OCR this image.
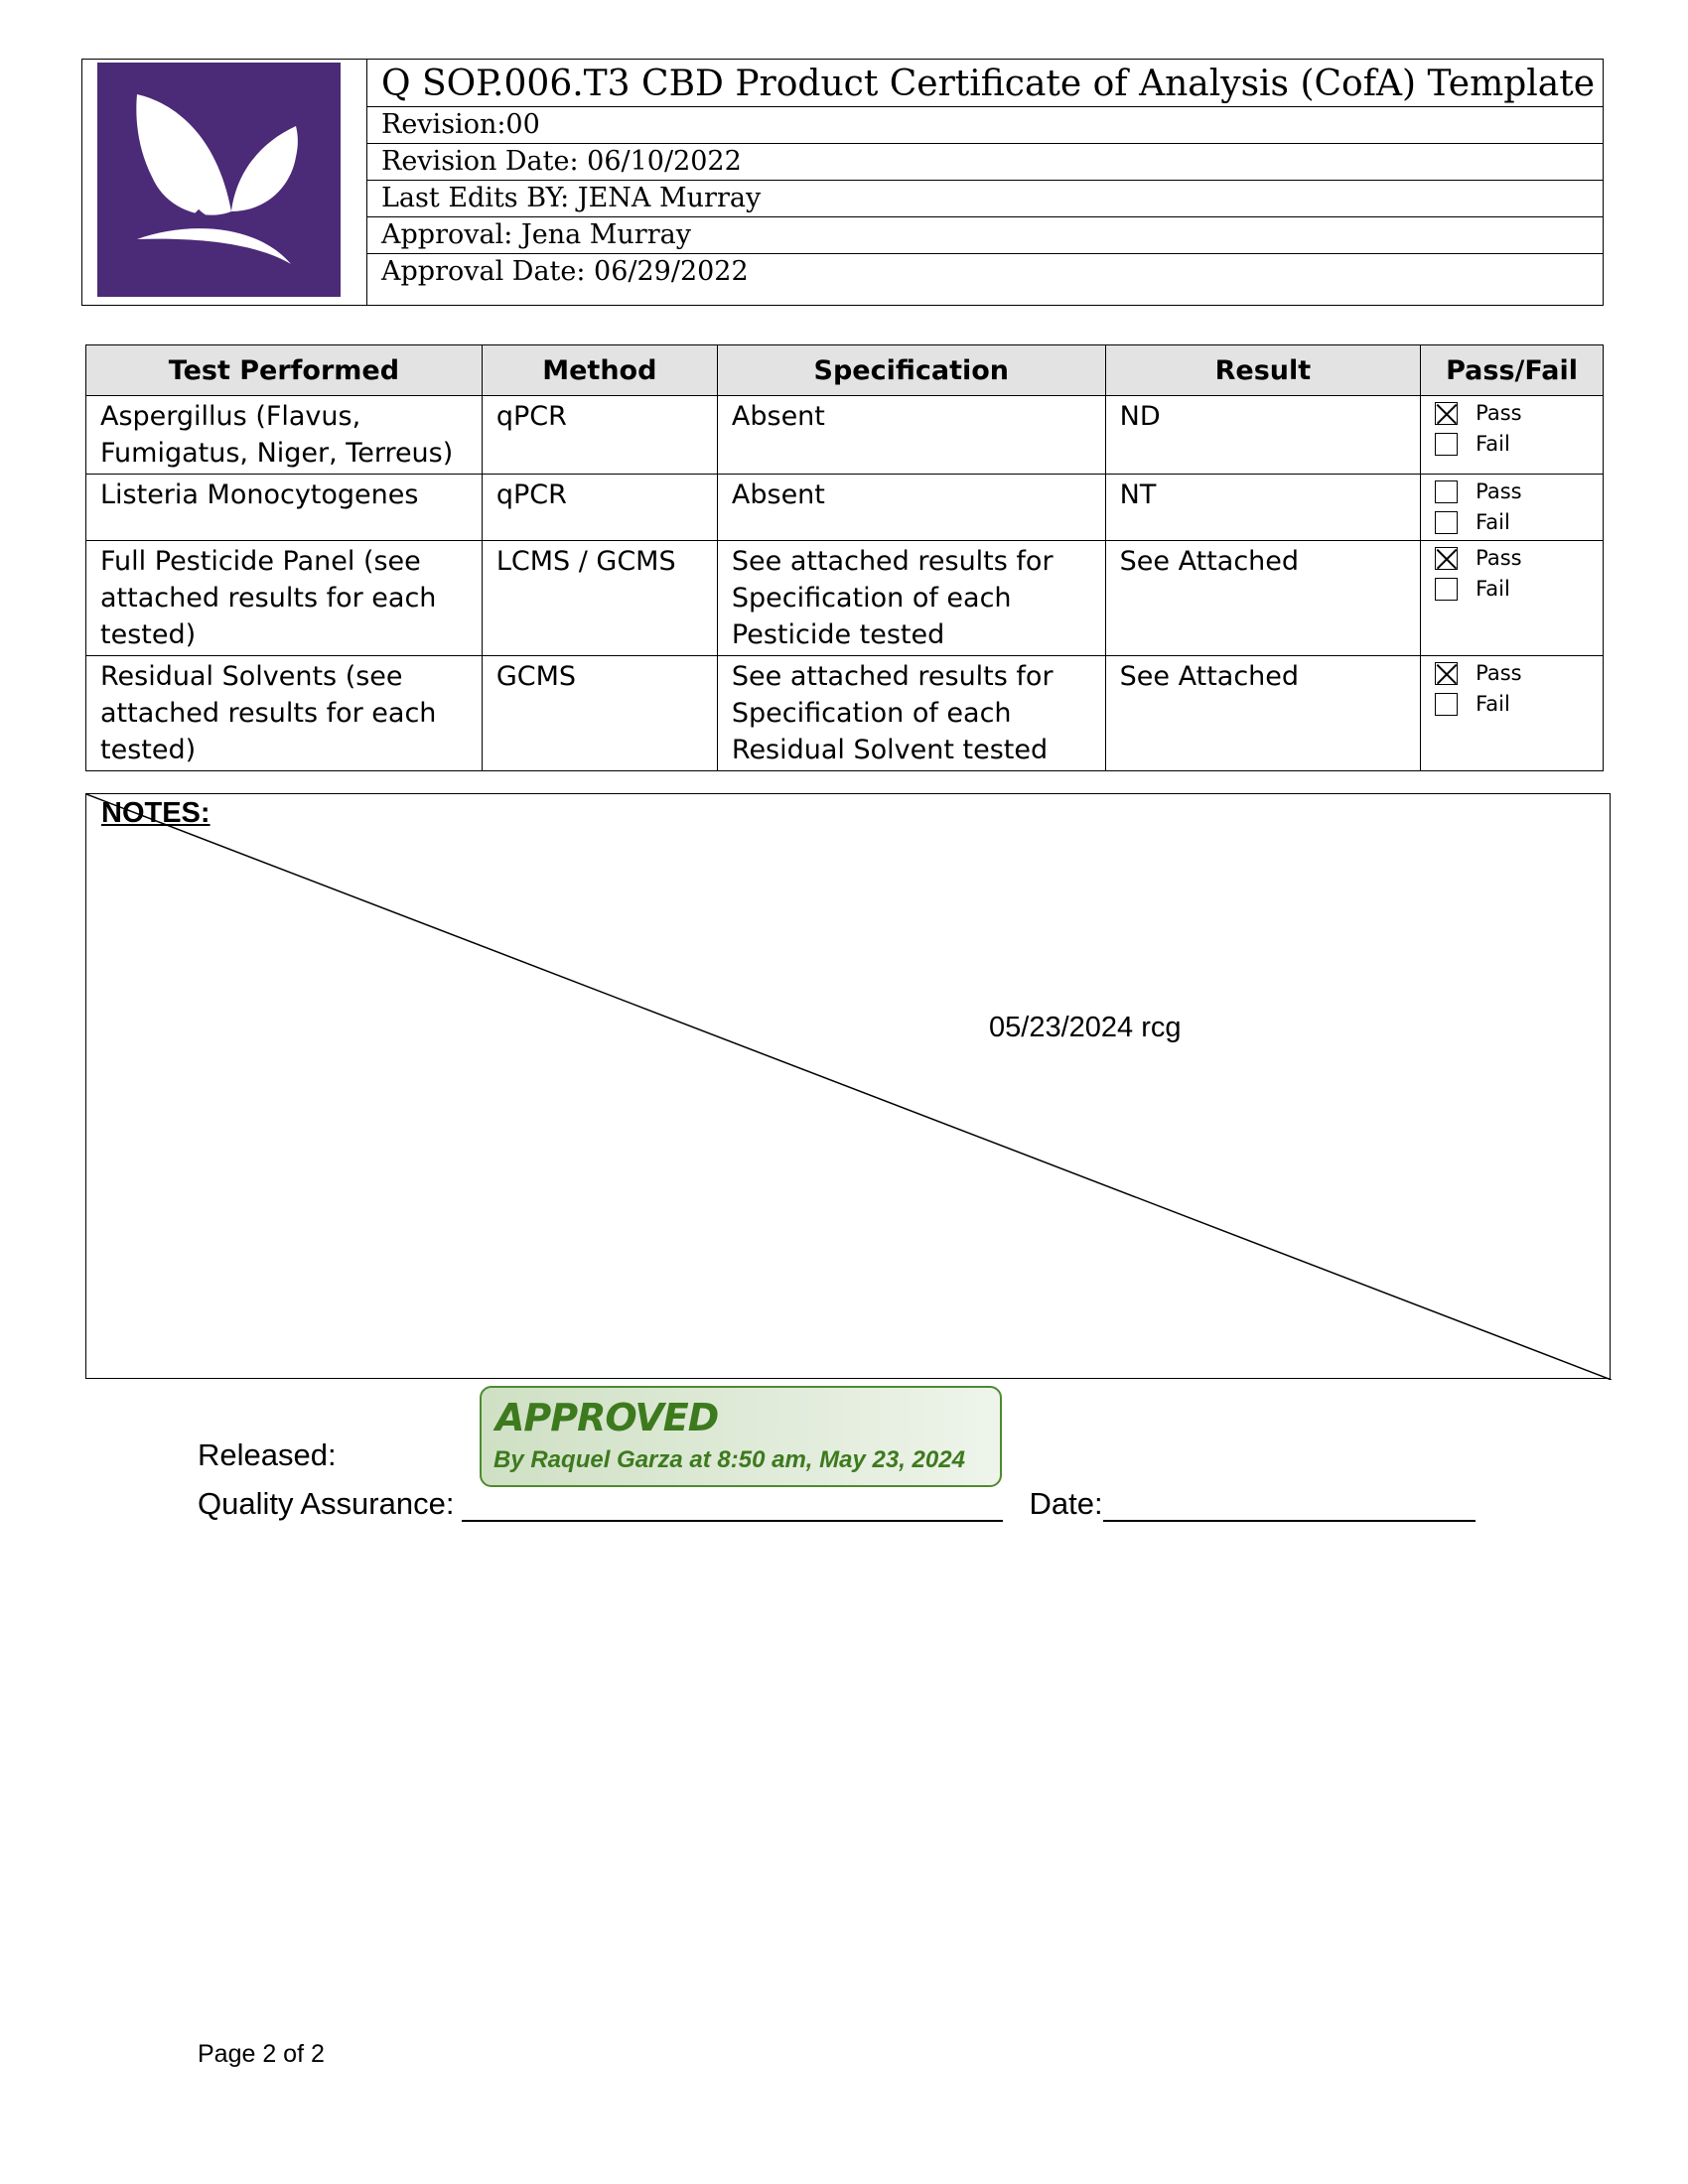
Q SOP.006.T3 CBD Product Certificate of Analysis (CofA) Template
Revision:00
Revision Date: 06/10/2022
Last Edits BY: JENA Murray
Approval: Jena Murray
Approval Date: 06/29/2022
Test Performed	Method	Specification	Result	Pass/Fail
Aspergillus (Flavus, Fumigatus, Niger, Terreus)	qPCR	Absent	ND	Pass
Fail

Listeria Monocytogenes	qPCR	Absent	NT	Pass
Fail

Full Pesticide Panel (see attached results for each tested)	LCMS / GCMS	See attached results for Specification of each Pesticide tested	See Attached	Pass
Fail

Residual Solvents (see attached results for each tested)	GCMS	See attached results for Specification of each Residual Solvent tested	See Attached	Pass
Fail
NOTES:
05/23/2024 rcg
Released:
APPROVED
By Raquel Garza at 8:50 am, May 23, 2024
Quality Assurance:	Date:
Page 2 of 2
